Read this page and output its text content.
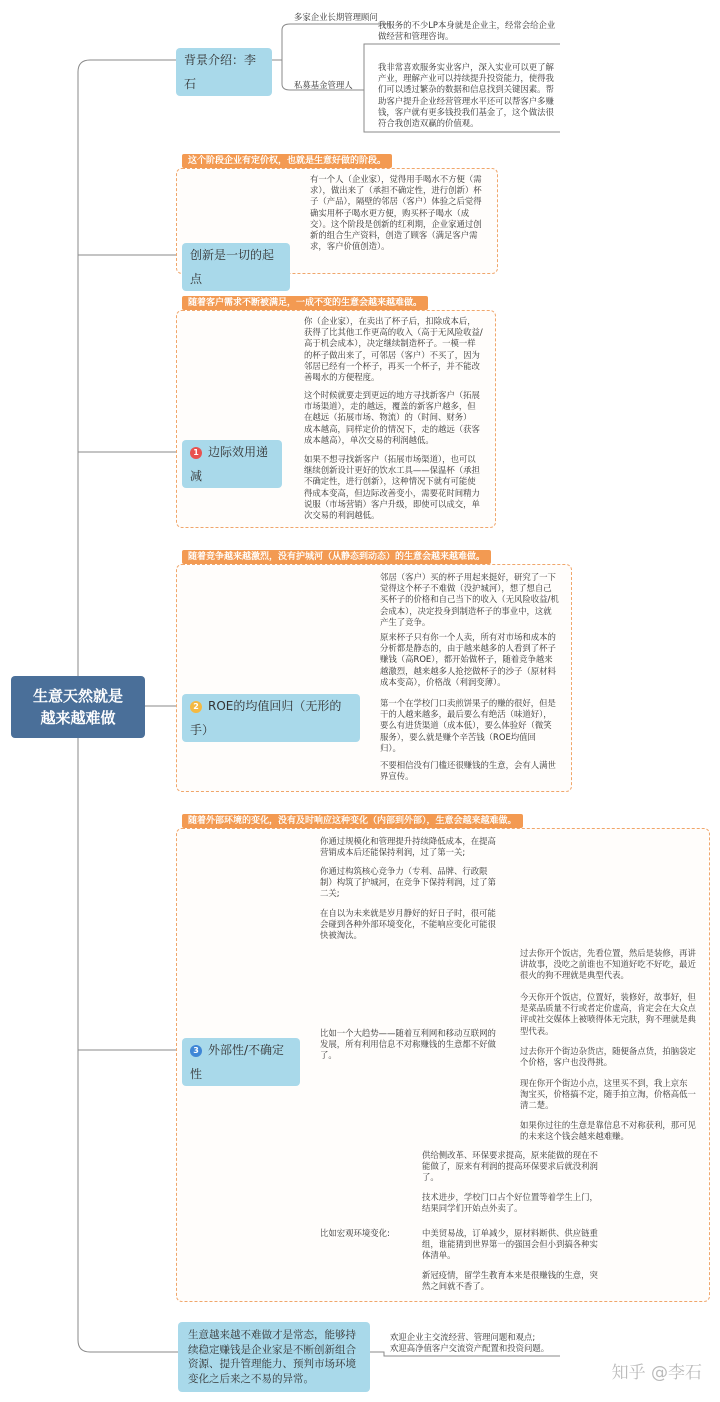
生意天然就是
越来越难做
背景介绍：李石
多家企业长期管理顾问
我服务的不少LP本身就是企业主，经常会给企业
做经营和管理咨询。
私募基金管理人
我非常喜欢服务实业客户，深入实业可以更了解
产业，理解产业可以持续提升投资能力，使得我
们可以透过繁杂的数据和信息找到关键因素。帮
助客户提升企业经营管理水平还可以帮客户多赚
钱，客户就有更多钱投我们基金了，这个做法很
符合我创造双赢的价值观。
这个阶段企业有定价权，也就是生意好做的阶段。
创新是一切的起点
有一个人（企业家），觉得用手喝水不方便（需
求），做出来了（承担不确定性，进行创新）杯
子（产品），隔壁的邻居（客户）体验之后觉得
确实用杯子喝水更方便，购买杯子喝水（成
交）。这个阶段是创新的红利期，企业家通过创
新的组合生产资料，创造了顾客（满足客户需
求，客户价值创造）。
随着客户需求不断被满足，一成不变的生意会越来越难做。
1 边际效用递减
你（企业家），在卖出了杯子后，扣除成本后，
获得了比其他工作更高的收入（高于无风险收益/
高于机会成本），决定继续制造杯子。一模一样
的杯子做出来了，可邻居（客户）不买了，因为
邻居已经有一个杯子，再买一个杯子，并不能改
善喝水的方便程度。
这个时候就要走到更远的地方寻找新客户（拓展
市场渠道），走的越远，覆盖的新客户越多，但
在越远（拓展市场、物流）的（时间、财务）
成本越高，同样定价的情况下，走的越远（获客
成本越高），单次交易的利润越低。
如果不想寻找新客户（拓展市场渠道），也可以
继续创新设计更好的饮水工具——保温杯（承担
不确定性，进行创新），这种情况下就有可能使
得成本变高，但边际改善变小，需要花时间精力
说服（市场营销）客户升级，即使可以成交，单
次交易的利润越低。
随着竞争越来越激烈，没有护城河（从静态到动态）的生意会越来越难做。
2 ROE的均值回归（无形的手）
邻居（客户）买的杯子用起来挺好，研究了一下
觉得这个杯子不难做（没护城河），想了想自己
买杯子的价格和自己当下的收入（无风险收益/机
会成本），决定投身到制造杯子的事业中，这就
产生了竞争。
原来杯子只有你一个人卖，所有对市场和成本的
分析都是静态的，由于越来越多的人看到了杯子
赚钱（高ROE），都开始做杯子，随着竞争越来
越激烈，越来越多人抢挖做杯子的沙子（原材料
成本变高），价格战（利润变薄）。
第一个在学校门口卖煎饼果子的赚的很好，但是
干的人越来越多，最后要么有绝活（味道好），
要么有进货渠道（成本低），要么体验好（微笑
服务），要么就是赚个辛苦钱（ROE均值回
归）。
不要相信没有门槛还很赚钱的生意，会有人满世
界宣传。
随着外部环境的变化，没有及时响应这种变化（内部到外部），生意会越来越难做。
3 外部性/不确定性
你通过规模化和管理提升持续降低成本，在提高
营销成本后还能保持利润，过了第一关;
你通过构筑核心竞争力（专利、品牌、行政限
制）构筑了护城河，在竞争下保持利润，过了第
二关;
在自以为未来就是岁月静好的好日子时，很可能
会碰到各种外部环境变化，不能响应变化可能很
快被淘汰。
比如一个大趋势——随着互利网和移动互联网的
发展，所有利用信息不对称赚钱的生意都不好做
了。
过去你开个饭店，先看位置，然后是装修，再讲
讲故事，没吃之前谁也不知道好吃不好吃，最近
很火的狗不理就是典型代表。
今天你开个饭店，位置好，装修好，故事好，但
是菜品质量不行或者定价虚高，肯定会在大众点
评或社交媒体上被喷得体无完肤，狗不理就是典
型代表。
过去你开个街边杂货店，随便备点货，拍脑袋定
个价格，客户也没得挑。
现在你开个街边小点，这里买不到，我上京东
淘宝买，价格搞不定，随手拍立淘，价格高低一
清二楚。
如果你过往的生意是靠信息不对称获利，那可见
的未来这个钱会越来越难赚。
比如宏观环境变化:
供给侧改革、环保要求提高，原来能做的现在不
能做了，原来有利润的提高环保要求后就没利润
了。
技术进步，学校门口占个好位置等着学生上门，
结果同学们开始点外卖了。
中美贸易战，订单减少，原材料断供、供应链重
组，谁能猜到世界第一的强国会但小到搞各种实
体清单。
新冠疫情，留学生教育本来是很赚钱的生意，突
然之间就不香了。
生意越来越不难做才是常态，能够持续稳定赚钱是企业家是不断创新组合资源、提升管理能力、预判市场环境变化之后来之不易的异常。
欢迎企业主交流经营、管理问题和观点;
欢迎高净值客户交流资产配置和投资问题。
知乎 @李石
